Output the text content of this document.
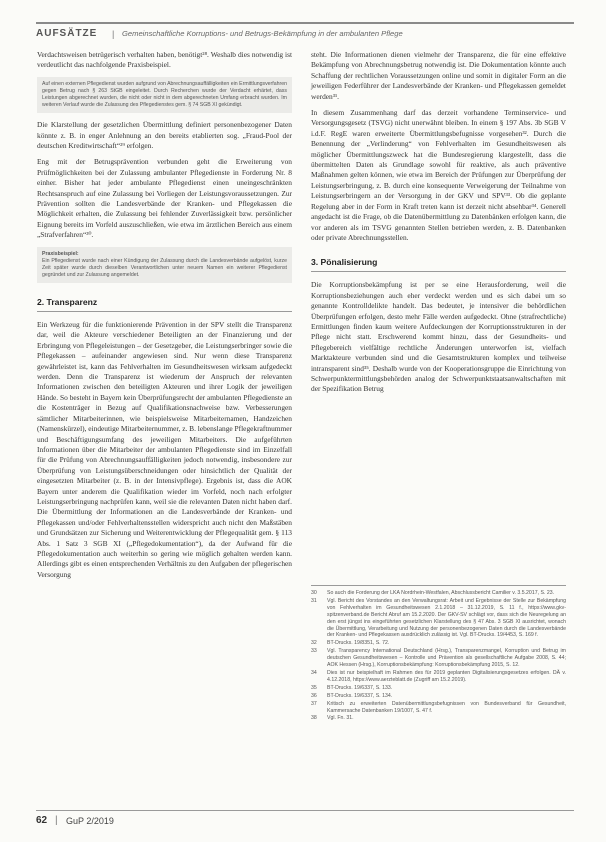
AUFSÄTZE | Gemeinschaftliche Korruptions- und Betrugs-Bekämpfung in der ambulanten Pflege

Verdachtsweisen betrügerisch verhalten haben, benötigt²⁸. Weshalb dies notwendig ist verdeutlicht das nachfolgende Praxisbeispiel.

Auf einen externen Pflegedienst wurden aufgrund von Abrechnungsauffälligkeiten ein Ermittlungsverfahren gegen Betrug nach § 263 StGB eingeleitet. Durch Recherchen wurde der Verdacht erhärtet, dass Leistungen abgerechnet wurden, die nicht oder nicht in dem abgerechneten Umfang erbracht wurden. Im weiteren Verlauf wurde die Zulassung des Pflegedienstes gem. § 74 SGB XI gekündigt.

Die Klarstellung der gesetzlichen Übermittlung definiert personenbezogener Daten könnte z. B. in enger Anlehnung an den bereits etablierten sog. „Fraud-Pool der deutschen Kreditwirtschaft“²⁹ erfolgen.

Eng mit der Betrugsprävention verbunden geht die Erweiterung von Prüfmöglichkeiten bei der Zulassung ambulanter Pflegedienste in Forderung Nr. 8 einher. Bisher hat jeder ambulante Pflegedienst einen uneingeschränkten Rechtsanspruch auf eine Zulassung bei Vorliegen der Leistungsvoraussetzungen. Zur Prävention sollten die Landesverbände der Kranken- und Pflegekassen die Möglichkeit erhalten, die Zulassung bei fehlender Zuverlässigkeit bzw. persönlicher Eignung bereits im Vorfeld auszuschließen, wie etwa im ärztlichen Bereich aus einem „Strafverfahren“³⁰.

Praxisbeispiel:

Ein Pflegedienst wurde nach einer Kündigung der Zulassung durch die Landesverbände aufgelöst, kurze Zeit später wurde durch dieselben Verantwortlichen unter neuem Namen ein weiterer Pflegedienst gegründet und zur Zulassung angemeldet.

2. Transparenz

Ein Werkzeug für die funktionierende Prävention in der SPV stellt die Transparenz dar, weil die Akteure verschiedener Beteiligten an der Finanzierung und der Erbringung von Pflegeleistungen – der Gesetzgeber, die Leistungserbringer sowie die Pflegekassen – aufeinander angewiesen sind. Nur wenn diese Transparenz gewährleistet ist, kann das Fehlverhalten im Gesundheitswesen wirksam aufgedeckt werden. Denn die Transparenz ist wiederum der Anspruch der relevanten Informationen zwischen den beteiligten Akteuren und ihrer Logik der jeweiligen Hände. So besteht in Bayern kein Überprüfungsrecht der ambulanten Pflegedienste an die Kostenträger in Bezug auf Qualifikationsnachweise bzw. Verbesserungen sämtlicher Mitarbeiterinnen, wie beispielsweise Mitarbeiternamen, Handzeichen (Namenskürzel), eindeutige Mitarbeiternummer, z. B. lebenslange Pflegekraftnummer und Beschäftigungsumfang des jeweiligen Mitarbeiters. Die aufgeführten Informationen über die Mitarbeiter der ambulanten Pflegedienste sind im Einzelfall für die Prüfung von Abrechnungsauffälligkeiten jedoch notwendig, insbesondere zur Überprüfung von Leistungsüberschneidungen oder hinsichtlich der Qualität der eingesetzten Mitarbeiter (z. B. in der Intensivpflege). Ergebnis ist, dass die AOK Bayern unter anderem die Qualifikation wieder im Vorfeld, noch nach erfolgter Leistungserbringung nachprüfen kann, weil sie die relevanten Daten nicht haben darf. Die Übermittlung der Informationen an die Landesverbände der Kranken- und Pflegekassen und/oder Fehlverhaltensstellen widerspricht auch nicht den Maßstäben und Grundsätzen zur Sicherung und Weiterentwicklung der Pflegequalität gem. § 113 Abs. 1 Satz 3 SGB XI („Pflegedokumentation“), da der Aufwand für die Pflegedokumentation auch weiterhin so gering wie möglich gehalten werden kann. Allerdings gibt es einen entsprechenden Verhältnis zu den Aufgaben der pflegerischen Versorgung

steht. Die Informationen dienen vielmehr der Transparenz, die für eine effektive Bekämpfung von Abrechnungsbetrug notwendig ist. Die Dokumentation könnte auch Schaffung der rechtlichen Voraussetzungen online und somit in digitaler Form an die jeweiligen Federführer der Landesverbände der Kranken- und Pflegekassen gemeldet werden³¹.

In diesem Zusammenhang darf das derzeit vorhandene Terminservice- und Versorgungsgesetz (TSVG) nicht unerwähnt bleiben. In einem § 197 Abs. 3b SGB V i.d.F. RegE waren erweiterte Übermittlungsbefugnisse vorgesehen³². Durch die Benennung der „Verlinderung“ von Fehlverhalten im Gesundheitswesen als möglicher Übermittlungszweck hat die Bundesregierung klargestellt, dass die übermittelten Daten als Grundlage sowohl für reaktive, als auch präventive Maßnahmen gelten können, wie etwa im Bereich der Prüfungen zur Überprüfung der Leistungserbringung, z. B. durch eine konsequente Verweigerung der Teilnahme von Leistungserbringern an der Versorgung in der GKV und SPV³³. Ob die geplante Regelung aber in der Form in Kraft treten kann ist derzeit nicht absehbar³⁴. Generell angedacht ist die Frage, ob die Datenübermittlung zu Datenbänken erfolgen kann, die vor anderen als im TSVG genannten Stellen betrieben werden, z. B. Datenbanken oder private Abrechnungsstellen.

3. Pönalisierung

Die Korruptionsbekämpfung ist per se eine Herausforderung, weil die Korruptionsbeziehungen auch eher verdeckt werden und es sich dabei um so genannte Kontrolldelikte handelt. Das bedeutet, je intensiver die behördlichen Überprüfungen erfolgen, desto mehr Fälle werden aufgedeckt. Ohne (strafrechtliche) Ermittlungen finden kaum weitere Aufdeckungen der Korruptionsstrukturen in der Pflege nicht statt. Erschwerend kommt hinzu, dass der Gesundheits- und Pflegebereich vielfältige rechtliche Änderungen unterworfen ist, vielfach Marktakteure verbunden sind und die Gesamtstrukturen komplex und teilweise intransparent sind³⁵. Deshalb wurde von der Kooperationsgruppe die Einrichtung von Schwerpunktermittlungsbehörden analog der Schwerpunktstaatsanwaltschaften mit der Spezifikation Betrug

30	So auch die Forderung der LKA Nordrhein-Westfalen, Abschlussbericht Camilier v. 3.5.2017, S. 23.
31	Vgl. Bericht des Vorstandes an den Verwaltungsrat: Arbeit und Ergebnisse der Stelle zur Bekämpfung von Fehlverhalten im Gesundheitswesen 2.1.2018 – 31.12.2019, S. 11 f., https://www.gkv-spitzenverband.de Bericht Abruf am 15.2.2020. Der GKV-SV schlägt vor, dass sich die Neuregelung an den erst jüngst ins eingeführten gesetzlichen Klarstellung des § 47 Abs. 3 SGB XI ausrichtet, wonach die Übermittlung, Verarbeitung und Nutzung der personenbezogenen Daten durch die Landesverbände der Kranken- und Pflegekassen ausdrücklich zulässig ist. Vgl. BT-Drucks. 19/4453, S. 169 f.
32	BT-Drucks. 19/8351, S. 72.
33	Vgl. Transparency International Deutschland (Hrsg.), Transparenzmangel, Korruption und Betrug im deutschen Gesundheitswesen – Kontrolle und Prävention als gesellschaftliche Aufgabe 2008, S. 44; AOK Hessen (Hrsg.), Korruptionsbekämpfung: Korruptionsbekämpfung 2015, S. 12.
34	Dies ist nur beispielhaft im Rahmen des für 2019 geplanten Digitalisierungsgesetzes erfolgen. DÄ v. 4.12.2018, https://www.aerzteblatt.de (Zugriff am 15.2.2019).
35	BT-Drucks. 19/6337, S. 133.
36	BT-Drucks. 19/6337, S. 134.
37	Kritisch zu erweiterten Datenübermittlungsbefugnissen von Bundesverband für Gesundheit, Kammersache Datenbanken 19/1007, S. 47 f.
38	Vgl. Fn. 31.
62 | GuP 2/2019
